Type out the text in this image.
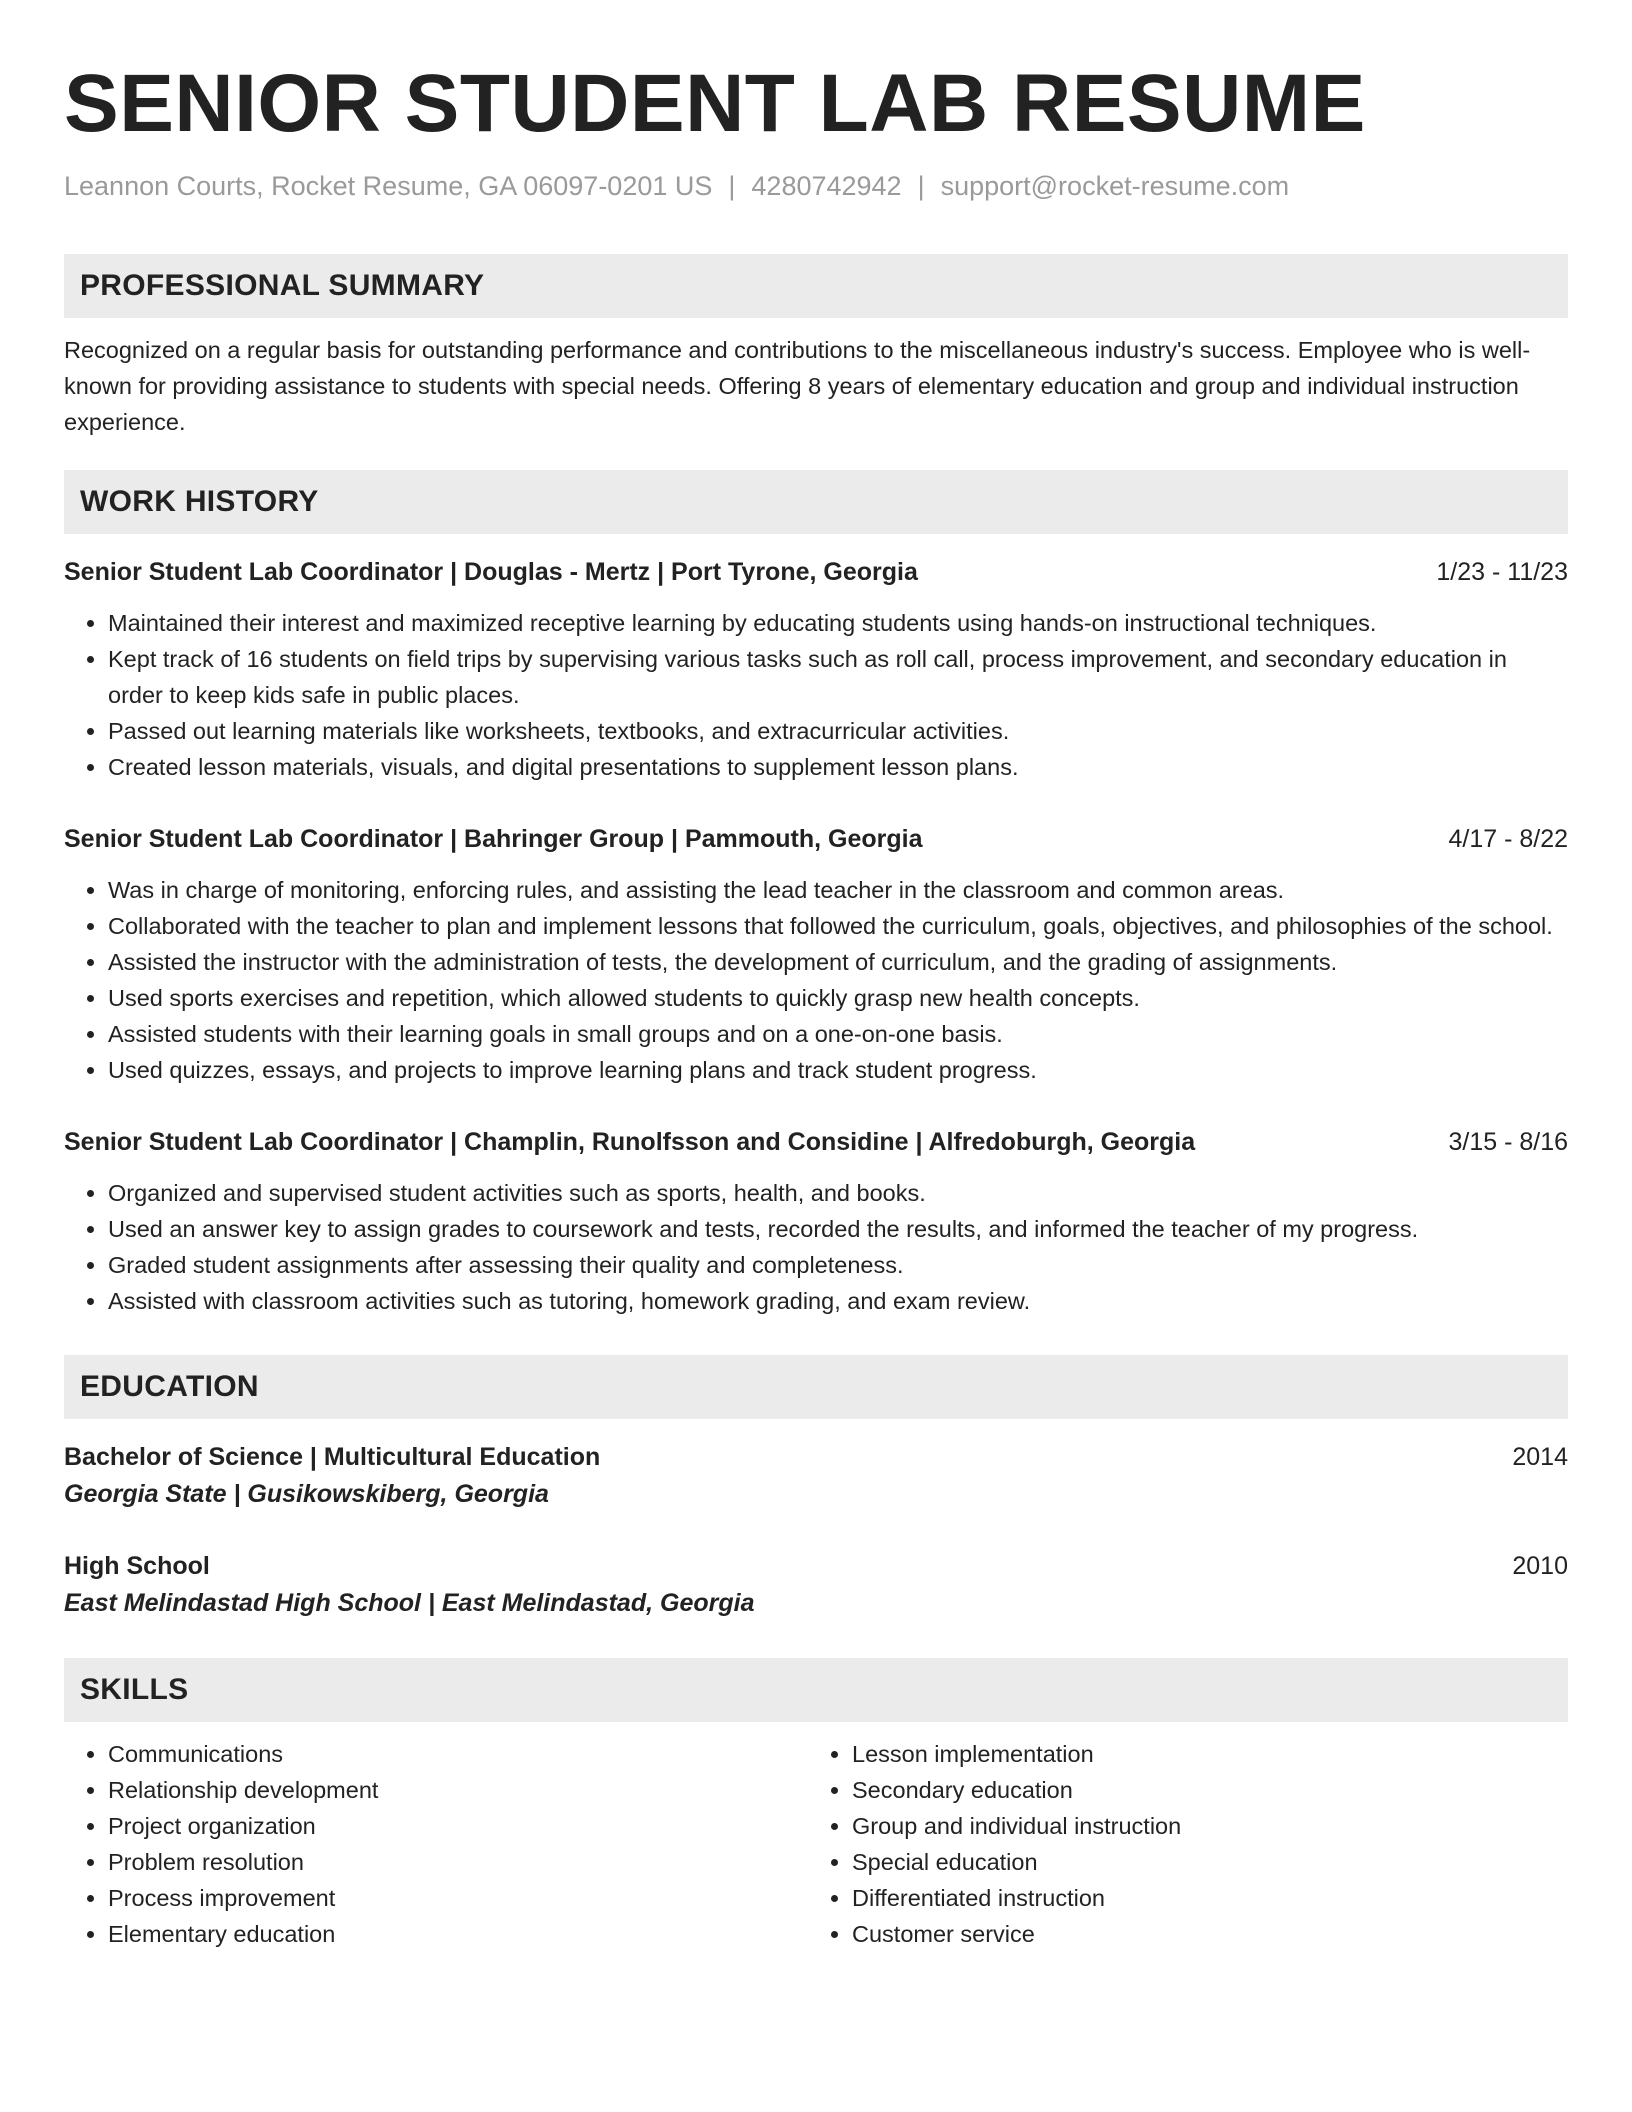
SENIOR STUDENT LAB RESUME
Leannon Courts, Rocket Resume, GA 06097-0201 US | 4280742942 | support@rocket-resume.com
PROFESSIONAL SUMMARY
Recognized on a regular basis for outstanding performance and contributions to the miscellaneous industry's success. Employee who is well-known for providing assistance to students with special needs. Offering 8 years of elementary education and group and individual instruction experience.
WORK HISTORY
Senior Student Lab Coordinator | Douglas - Mertz | Port Tyrone, Georgia	1/23 - 11/23
• Maintained their interest and maximized receptive learning by educating students using hands-on instructional techniques.
• Kept track of 16 students on field trips by supervising various tasks such as roll call, process improvement, and secondary education in order to keep kids safe in public places.
• Passed out learning materials like worksheets, textbooks, and extracurricular activities.
• Created lesson materials, visuals, and digital presentations to supplement lesson plans.
Senior Student Lab Coordinator | Bahringer Group | Pammouth, Georgia	4/17 - 8/22
• Was in charge of monitoring, enforcing rules, and assisting the lead teacher in the classroom and common areas.
• Collaborated with the teacher to plan and implement lessons that followed the curriculum, goals, objectives, and philosophies of the school.
• Assisted the instructor with the administration of tests, the development of curriculum, and the grading of assignments.
• Used sports exercises and repetition, which allowed students to quickly grasp new health concepts.
• Assisted students with their learning goals in small groups and on a one-on-one basis.
• Used quizzes, essays, and projects to improve learning plans and track student progress.
Senior Student Lab Coordinator | Champlin, Runolfsson and Considine | Alfredoburgh, Georgia	3/15 - 8/16
• Organized and supervised student activities such as sports, health, and books.
• Used an answer key to assign grades to coursework and tests, recorded the results, and informed the teacher of my progress.
• Graded student assignments after assessing their quality and completeness.
• Assisted with classroom activities such as tutoring, homework grading, and exam review.
EDUCATION
Bachelor of Science | Multicultural Education	2014
Georgia State | Gusikowskiberg, Georgia
High School	2010
East Melindastad High School | East Melindastad, Georgia
SKILLS
• Communications
• Relationship development
• Project organization
• Problem resolution
• Process improvement
• Elementary education
• Lesson implementation
• Secondary education
• Group and individual instruction
• Special education
• Differentiated instruction
• Customer service
